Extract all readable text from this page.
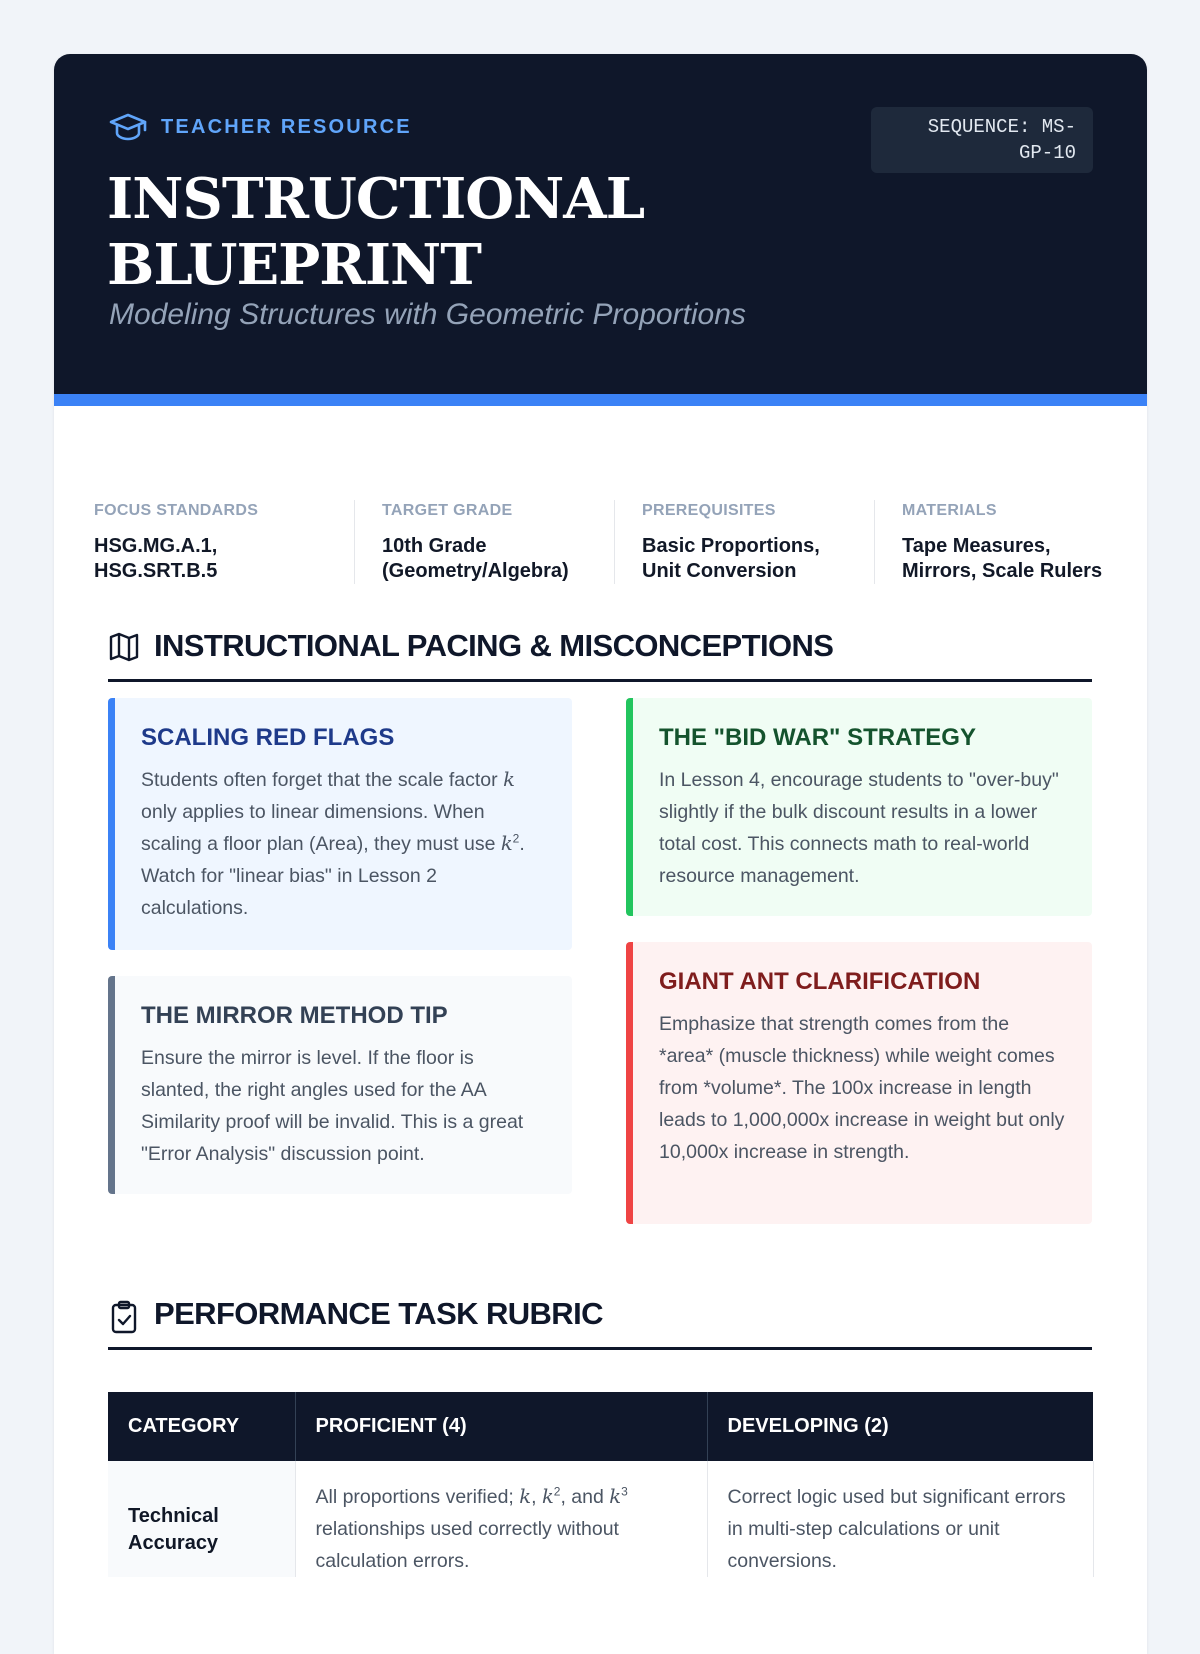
TEACHER RESOURCE
INSTRUCTIONAL
BLUEPRINT
Modeling Structures with Geometric Proportions
SEQUENCE: MS-
GP-10
FOCUS STANDARDS
HSG.MG.A.1,
HSG.SRT.B.5
TARGET GRADE
10th Grade
(Geometry/Algebra)
PREREQUISITES
Basic Proportions,
Unit Conversion
MATERIALS
Tape Measures,
Mirrors, Scale Rulers
INSTRUCTIONAL PACING & MISCONCEPTIONS
SCALING RED FLAGS

Students often forget that the scale factor k only applies to linear dimensions. When scaling a floor plan (Area), they must use $k^2$. Watch for "linear bias" in Lesson 2 calculations.

THE MIRROR METHOD TIP

Ensure the mirror is level. If the floor is slanted, the right angles used for the AA Similarity proof will be invalid. This is a great "Error Analysis" discussion point.

THE "BID WAR" STRATEGY

In Lesson 4, encourage students to "over-buy" slightly if the bulk discount results in a lower total cost. This connects math to real-world resource management.

GIANT ANT CLARIFICATION

Emphasize that strength comes from the *area* (muscle thickness) while weight comes from *volume*. The 100x increase in length leads to 1,000,000x increase in weight but only 10,000x increase in strength.

PERFORMANCE TASK RUBRIC
CATEGORY	PROFICIENT (4)	DEVELOPING (2)
Technical
Accuracy	All proportions verified; k, $k^2$, and $k^3$ relationships used correctly without calculation errors.	Correct logic used but significant errors in multi-step calculations or unit conversions.
